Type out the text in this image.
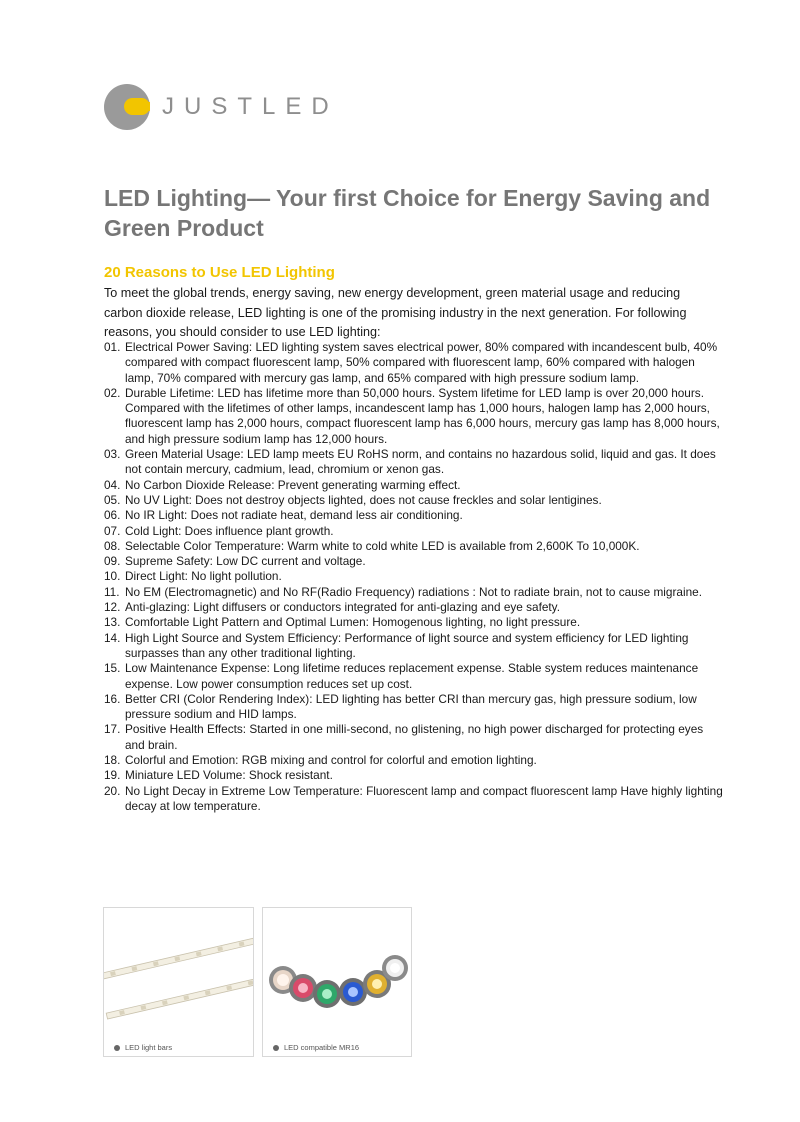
JUSTLED
LED Lighting— Your first Choice for Energy Saving and Green Product
20 Reasons to Use LED Lighting

To meet the global trends, energy saving, new energy development, green material usage and reducing carbon dioxide release, LED lighting is one of the promising industry in the next generation. For following reasons, you should consider to use LED lighting:

01. Electrical Power Saving: LED lighting system saves electrical power, 80% compared with incandescent bulb, 40% compared with compact fluorescent lamp, 50% compared with fluorescent lamp, 60% compared with halogen lamp, 70% compared with mercury gas lamp, and 65% compared with high pressure sodium lamp.
02. Durable Lifetime: LED has lifetime more than 50,000 hours. System lifetime for LED lamp is over 20,000 hours. Compared with the lifetimes of other lamps, incandescent lamp has 1,000 hours, halogen lamp has 2,000 hours, fluorescent lamp has 2,000 hours, compact fluorescent lamp has 6,000 hours, mercury gas lamp has 8,000 hours, and high pressure sodium lamp has 12,000 hours.
03. Green Material Usage: LED lamp meets EU RoHS norm, and contains no hazardous solid, liquid and gas. It does not contain mercury, cadmium, lead, chromium or xenon gas.
04. No Carbon Dioxide Release: Prevent generating warming effect.
05. No UV Light: Does not destroy objects lighted, does not cause freckles and solar lentigines.
06. No IR Light: Does not radiate heat, demand less air conditioning.
07. Cold Light: Does influence plant growth.
08. Selectable Color Temperature: Warm white to cold white LED is available from 2,600K To 10,000K.
09. Supreme Safety: Low DC current and voltage.
10. Direct Light: No light pollution.
11. No EM (Electromagnetic) and No RF(Radio Frequency) radiations : Not to radiate brain, not to cause migraine.
12. Anti-glazing: Light diffusers or conductors integrated for anti-glazing and eye safety.
13. Comfortable Light Pattern and Optimal Lumen: Homogenous lighting, no light pressure.
14. High Light Source and System Efficiency: Performance of light source and system efficiency for LED lighting surpasses than any other traditional lighting.
15. Low Maintenance Expense: Long lifetime reduces replacement expense. Stable system reduces maintenance expense. Low power consumption reduces set up cost.
16. Better CRI (Color Rendering Index): LED lighting has better CRI than mercury gas, high pressure sodium, low pressure sodium and HID lamps.
17. Positive Health Effects: Started in one milli-second, no glistening, no high power discharged for protecting eyes and brain.
18. Colorful and Emotion: RGB mixing and control for colorful and emotion lighting.
19. Miniature LED Volume: Shock resistant.
20. No Light Decay in Extreme Low Temperature: Fluorescent lamp and compact fluorescent lamp Have highly lighting decay at low temperature.
LED light bars	LED compatible MR16
